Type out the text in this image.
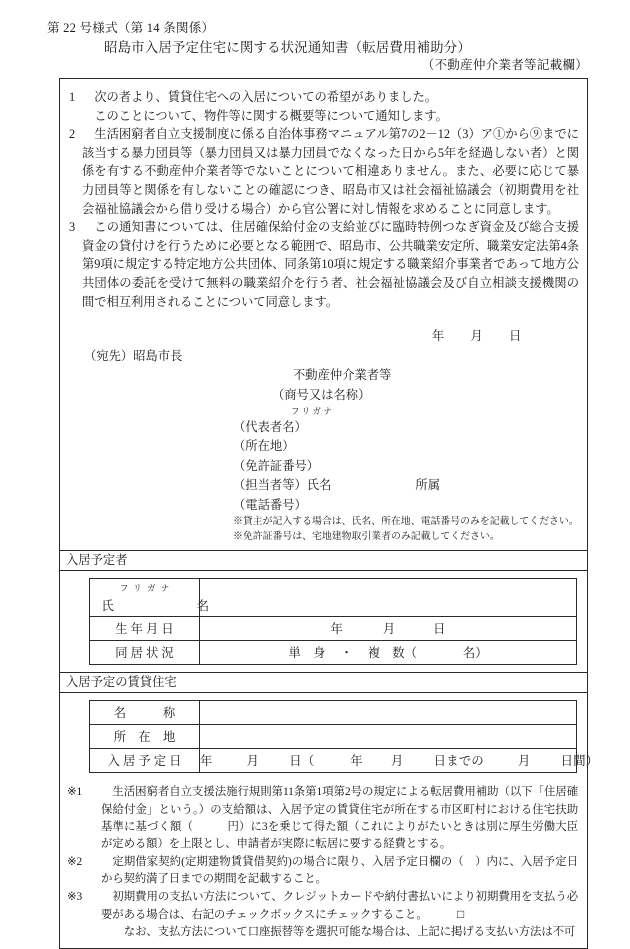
第 22 号様式（第 14 条関係）
昭島市入居予定住宅に関する状況通知書（転居費用補助分）
（不動産仲介業者等記載欄）
1	次の者より、賃貸住宅への入居についての希望がありました。

このことについて、物件等に関する概要等について通知します。

2	生活困窮者自立支援制度に係る自治体事務マニュアル第7の2－12（3）ア①から⑨までに該当する暴力団員等（暴力団員又は暴力団員でなくなった日から5年を経過しない者）と関係を有する不動産仲介業者等でないことについて相違ありません。また、必要に応じて暴力団員等と関係を有しないことの確認につき、昭島市又は社会福祉協議会（初期費用を社会福祉協議会から借り受ける場合）から官公署に対し情報を求めることに同意します。

3	この通知書については、住居確保給付金の支給並びに臨時特例つなぎ資金及び総合支援資金の貸付けを行うために必要となる範囲で、昭島市、公共職業安定所、職業安定法第4条第9項に規定する特定地方公共団体、同条第10項に規定する職業紹介事業者であって地方公共団体の委託を受けて無料の職業紹介を行う者、社会福祉協議会及び自立相談支援機関の間で相互利用されることについて同意します。

年 月 日
（宛先）昭島市長
不動産仲介業者等
（商号又は名称）
フリガナ
（代表者名）
（所在地）
（免許証番号）
（担当者等）氏名	所属
（電話番号）
※貸主が記入する場合は、氏名、所在地、電話番号のみを記載してください。
※免許証番号は、宅地建物取引業者のみ記載してください。
入居予定者
フリガナ
氏　　　名	

生 年 月 日	年 月 日
同 居 状 況	単　身 ・ 複　数（ 名）
入居予定の賃貸住宅
名　　　称	
所　在　地	
入 居 予 定 日	年 月 日（ 年 月 日までの 月 日間）
※1	生活困窮者自立支援法施行規則第11条第1項第2号の規定による転居費用補助（以下「住居確保給付金」という。）の支給額は、入居予定の賃貸住宅が所在する市区町村における住宅扶助基準に基づく額（　　　円）に3を乗じて得た額（これによりがたいときは別に厚生労働大臣が定める額）を上限とし、申請者が実際に転居に要する経費とする。

※2	定期借家契約(定期建物賃貸借契約)の場合に限り、入居予定日欄の（　）内に、入居予定日から契約満了日までの期間を記載すること。

※3	初期費用の支払い方法について、クレジットカードや納付書払いにより初期費用を支払う必要がある場合は、右記のチェックボックスにチェックすること。 □

なお、支払方法について口座振替等を選択可能な場合は、上記に掲げる支払い方法は不可
